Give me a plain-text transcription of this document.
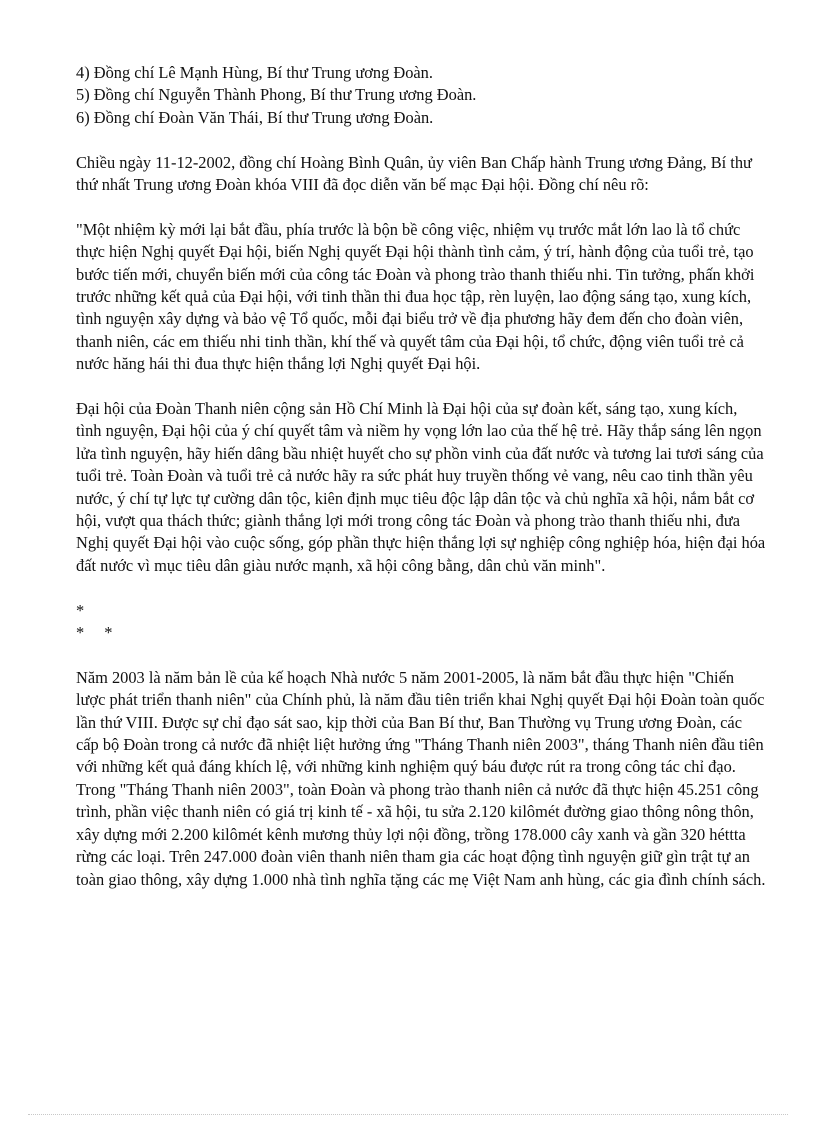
4) Đồng chí Lê Mạnh Hùng, Bí thư Trung ương Đoàn.

5) Đồng chí Nguyễn Thành Phong, Bí thư Trung ương Đoàn.

6) Đồng chí Đoàn Văn Thái, Bí thư Trung ương Đoàn.

Chiều ngày 11-12-2002, đồng chí Hoàng Bình Quân, ủy viên Ban Chấp hành Trung ương Đảng, Bí thư thứ nhất Trung ương Đoàn khóa VIII đã đọc diễn văn bế mạc Đại hội. Đồng chí nêu rõ:

"Một nhiệm kỳ mới lại bắt đầu, phía trước là bộn bề công việc, nhiệm vụ trước mắt lớn lao là tổ chức thực hiện Nghị quyết Đại hội, biến Nghị quyết Đại hội thành tình cảm, ý trí, hành động của tuổi trẻ, tạo bước tiến mới, chuyển biến mới của công tác Đoàn và phong trào thanh thiếu nhi. Tin tưởng, phấn khởi trước những kết quả của Đại hội, với tinh thần thi đua học tập, rèn luyện, lao động sáng tạo, xung kích, tình nguyện xây dựng và bảo vệ Tổ quốc, mỗi đại biểu trở về địa phương hãy đem đến cho đoàn viên, thanh niên, các em thiếu nhi tinh thần, khí thế và quyết tâm của Đại hội, tổ chức, động viên tuổi trẻ cả nước hăng hái thi đua thực hiện thắng lợi Nghị quyết Đại hội.

Đại hội của Đoàn Thanh niên cộng sản Hồ Chí Minh là Đại hội của sự đoàn kết, sáng tạo, xung kích, tình nguyện, Đại hội của ý chí quyết tâm và niềm hy vọng lớn lao của thế hệ trẻ. Hãy thắp sáng lên ngọn lửa tình nguyện, hãy hiến dâng bầu nhiệt huyết cho sự phồn vinh của đất nước và tương lai tươi sáng của tuổi trẻ. Toàn Đoàn và tuổi trẻ cả nước hãy ra sức phát huy truyền thống vẻ vang, nêu cao tinh thần yêu nước, ý chí tự lực tự cường dân tộc, kiên định mục tiêu độc lập dân tộc và chủ nghĩa xã hội, nắm bắt cơ hội, vượt qua thách thức; giành thắng lợi mới trong công tác Đoàn và phong trào thanh thiếu nhi, đưa Nghị quyết Đại hội vào cuộc sống, góp phần thực hiện thắng lợi sự nghiệp công nghiệp hóa, hiện đại hóa đất nước vì mục tiêu dân giàu nước mạnh, xã hội công bằng, dân chủ văn minh".

*
* *

Năm 2003 là năm bản lề của kế hoạch Nhà nước 5 năm 2001-2005, là năm bắt đầu thực hiện "Chiến lược phát triển thanh niên" của Chính phủ, là năm đầu tiên triển khai Nghị quyết Đại hội Đoàn toàn quốc lần thứ VIII. Được sự chỉ đạo sát sao, kịp thời của Ban Bí thư, Ban Thường vụ Trung ương Đoàn, các cấp bộ Đoàn trong cả nước đã nhiệt liệt hưởng ứng "Tháng Thanh niên 2003", tháng Thanh niên đầu tiên với những kết quả đáng khích lệ, với những kinh nghiệm quý báu được rút ra trong công tác chỉ đạo. Trong "Tháng Thanh niên 2003", toàn Đoàn và phong trào thanh niên cả nước đã thực hiện 45.251 công trình, phần việc thanh niên có giá trị kinh tế - xã hội, tu sửa 2.120 kilômét đường giao thông nông thôn, xây dựng mới 2.200 kilômét kênh mương thủy lợi nội đồng, trồng 178.000 cây xanh và gần 320 héttta rừng các loại. Trên 247.000 đoàn viên thanh niên tham gia các hoạt động tình nguyện giữ gìn trật tự an toàn giao thông, xây dựng 1.000 nhà tình nghĩa tặng các mẹ Việt Nam anh hùng, các gia đình chính sách.
